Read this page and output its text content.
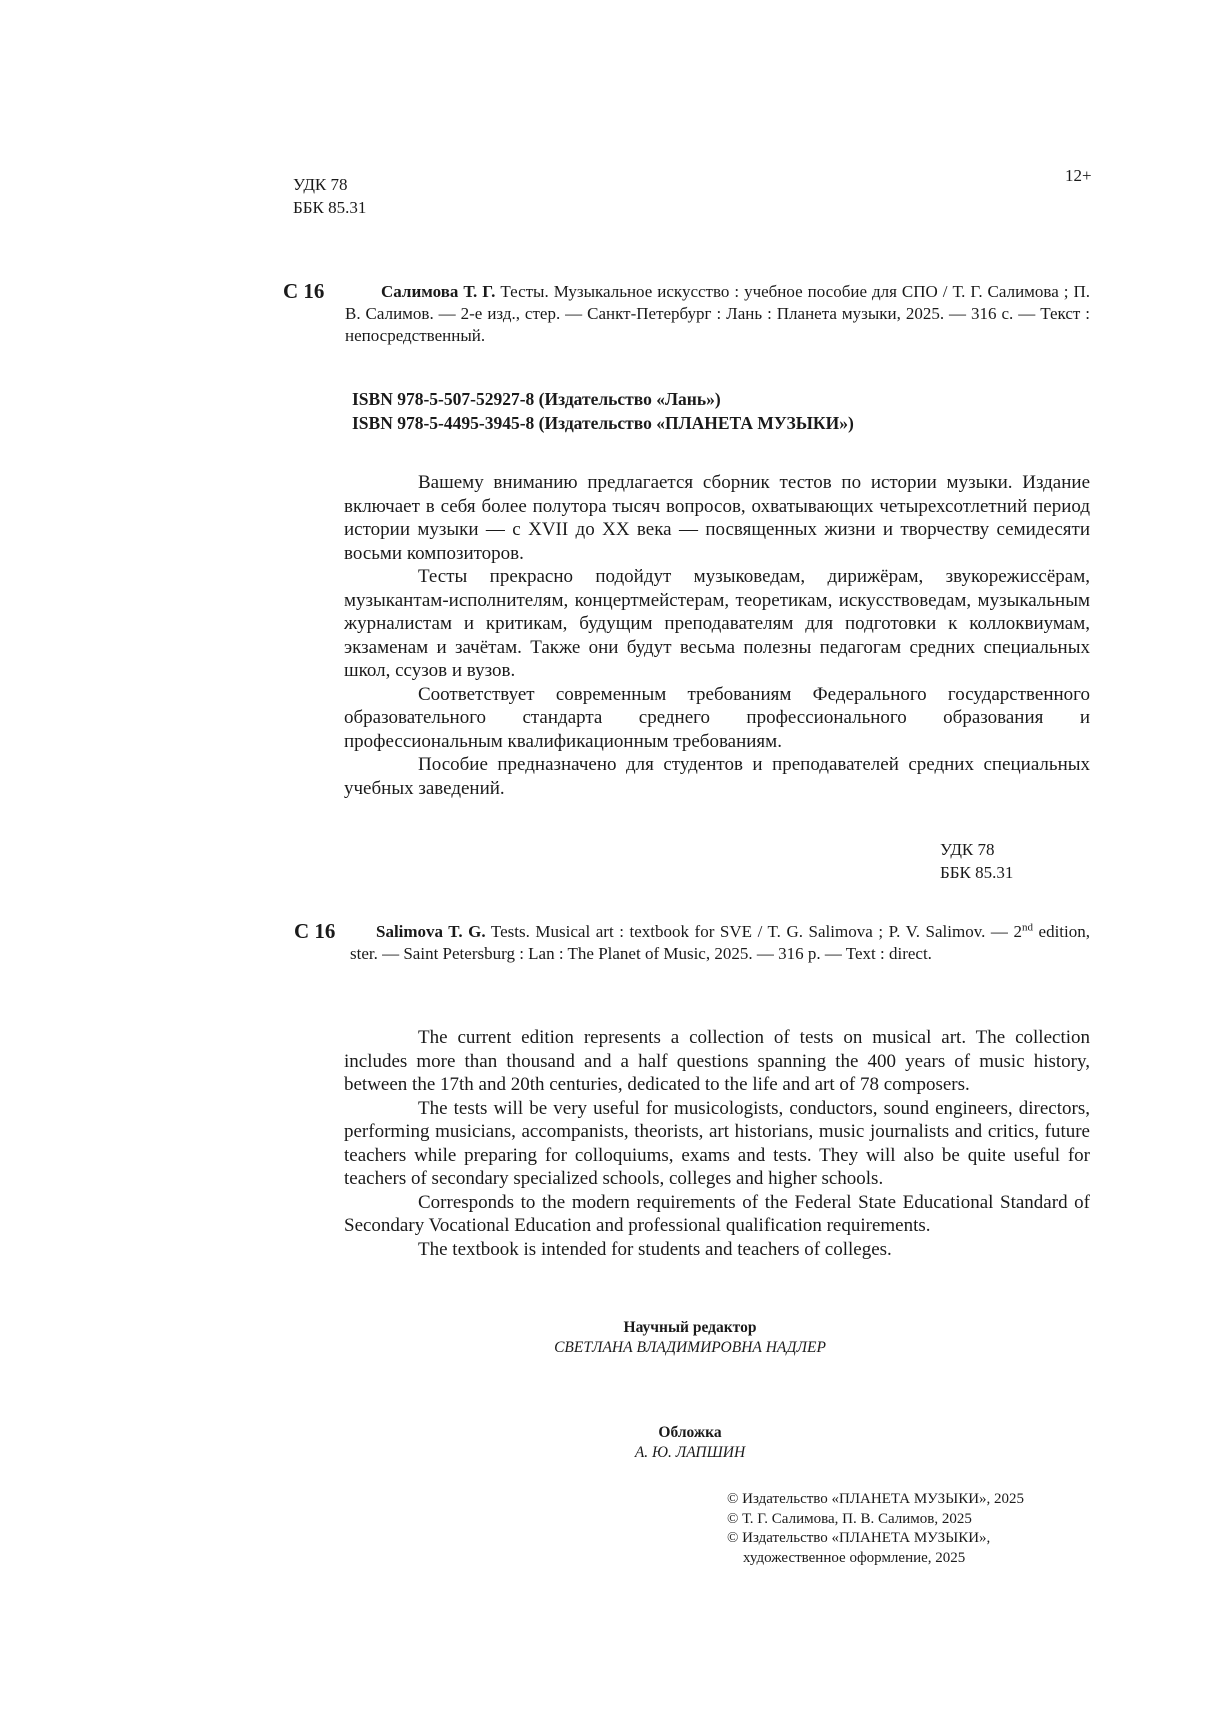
УДК 78
ББК 85.31
12+
С 16	Салимова Т. Г. Тесты. Музыкальное искусство : учебное пособие для СПО / Т. Г. Салимова ; П. В. Салимов. — 2-е изд., стер. — Санкт-Петербург : Лань : Планета музыки, 2025. — 316 с. — Текст : непосредственный.
ISBN 978-5-507-52927-8 (Издательство «Лань»)
ISBN 978-5-4495-3945-8 (Издательство «ПЛАНЕТА МУЗЫКИ»)

Вашему вниманию предлагается сборник тестов по истории музыки. Издание включает в себя более полутора тысяч вопросов, охватывающих четырехсотлетний период истории музыки — с XVII до XX века — посвященных жизни и творчеству семидесяти восьми композиторов.

Тесты прекрасно подойдут музыковедам, дирижёрам, звукорежиссёрам, музыкантам-исполнителям, концертмейстерам, теоретикам, искусствоведам, музыкальным журналистам и критикам, будущим преподавателям для подготовки к коллоквиумам, экзаменам и зачётам. Также они будут весьма полезны педагогам средних специальных школ, ссузов и вузов.

Соответствует современным требованиям Федерального государственного образовательного стандарта среднего профессионального образования и профессиональным квалификационным требованиям.

Пособие предназначено для студентов и преподавателей средних специальных учебных заведений.

УДК 78
ББК 85.31
C 16	Salimova T. G. Tests. Musical art : textbook for SVE / T. G. Salimova ; P. V. Salimov. — 2nd edition, ster. — Saint Petersburg : Lan : The Planet of Music, 2025. — 316 p. — Text : direct.

The current edition represents a collection of tests on musical art. The collection includes more than thousand and a half questions spanning the 400 years of music history, between the 17th and 20th centuries, dedicated to the life and art of 78 composers.

The tests will be very useful for musicologists, conductors, sound engineers, directors, performing musicians, accompanists, theorists, art historians, music journalists and critics, future teachers while preparing for colloquiums, exams and tests. They will also be quite useful for teachers of secondary specialized schools, colleges and higher schools.

Corresponds to the modern requirements of the Federal State Educational Standard of Secondary Vocational Education and professional qualification requirements.

The textbook is intended for students and teachers of colleges.

Научный редактор
СВЕТЛАНА ВЛАДИМИРОВНА НАДЛЕР
Обложка
А. Ю. ЛАПШИН
© Издательство «ПЛАНЕТА МУЗЫКИ», 2025
© Т. Г. Салимова, П. В. Салимов, 2025
© Издательство «ПЛАНЕТА МУЗЫКИ»,
художественное оформление, 2025
